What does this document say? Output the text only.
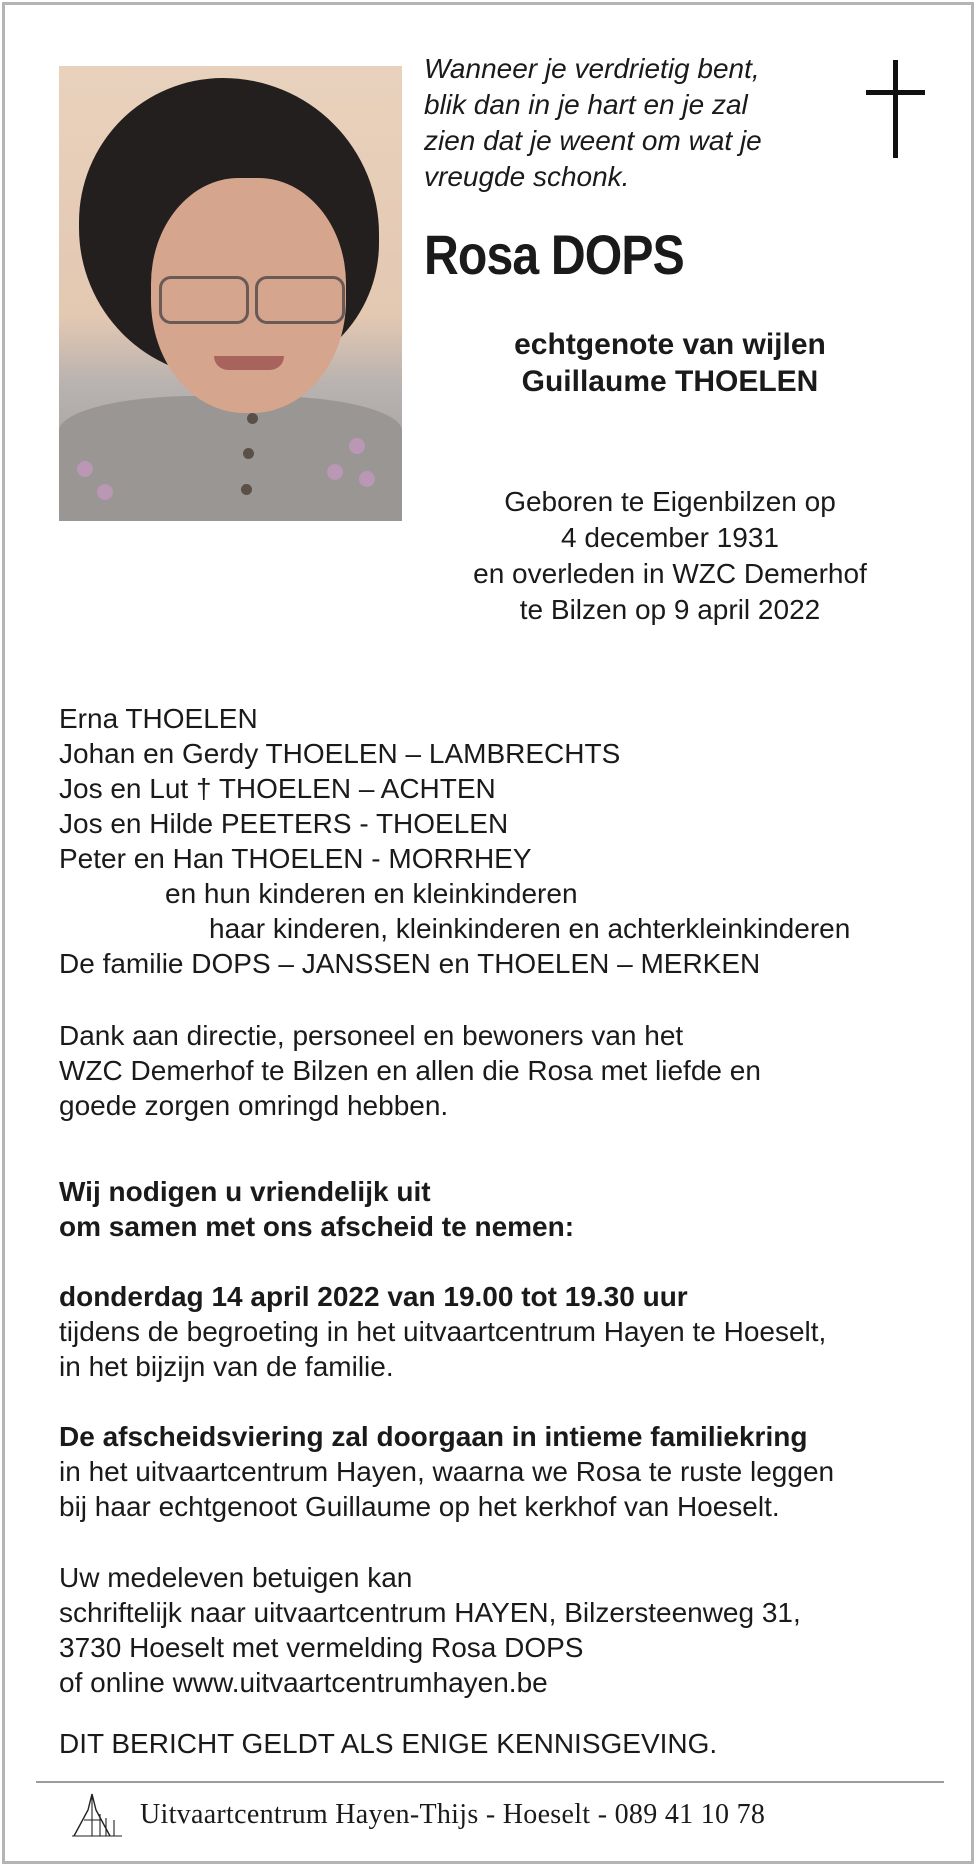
Wanneer je verdrietig bent,
blik dan in je hart en je zal
zien dat je weent om wat je
vreugde schonk.
Rosa DOPS
echtgenote van wijlen
Guillaume THOELEN
Geboren te Eigenbilzen op
4 december 1931
en overleden in WZC Demerhof
te Bilzen op 9 april 2022
Erna THOELEN
Johan en Gerdy THOELEN – LAMBRECHTS
Jos en Lut † THOELEN – ACHTEN
Jos en Hilde PEETERS - THOELEN
Peter en Han THOELEN - MORRHEY
en hun kinderen en kleinkinderen
haar kinderen, kleinkinderen en achterkleinkinderen
De familie DOPS – JANSSEN en THOELEN – MERKEN
Dank aan directie, personeel en bewoners van het
WZC Demerhof te Bilzen en allen die Rosa met liefde en
goede zorgen omringd hebben.
Wij nodigen u vriendelijk uit
om samen met ons afscheid te nemen:
donderdag 14 april 2022 van 19.00 tot 19.30 uur
tijdens de begroeting in het uitvaartcentrum Hayen te Hoeselt,
in het bijzijn van de familie.
De afscheidsviering zal doorgaan in intieme familiekring
in het uitvaartcentrum Hayen, waarna we Rosa te ruste leggen
bij haar echtgenoot Guillaume op het kerkhof van Hoeselt.
Uw medeleven betuigen kan
schriftelijk naar uitvaartcentrum HAYEN, Bilzersteenweg 31,
3730 Hoeselt met vermelding Rosa DOPS
of online www.uitvaartcentrumhayen.be
DIT BERICHT GELDT ALS ENIGE KENNISGEVING.
Uitvaartcentrum Hayen-Thijs - Hoeselt - 089 41 10 78
